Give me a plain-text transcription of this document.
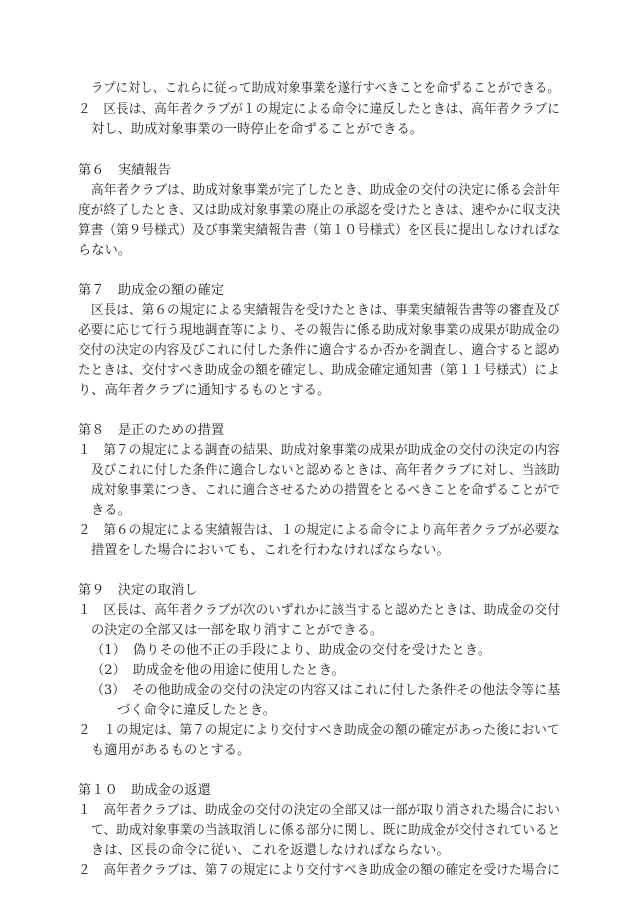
ラプに対し、これらに従って助成対象事業を遂行すべきことを命ずることができる。
２　区長は、高年者クラブが１の規定による命令に違反したときは、高年者クラブに
対し、助成対象事業の一時停止を命ずることができる。
第６　実績報告
高年者クラブは、助成対象事業が完了したとき、助成金の交付の決定に係る会計年
度が終了したとき、又は助成対象事業の廃止の承認を受けたときは、速やかに収支決
算書（第９号様式）及び事業実績報告書（第１０号様式）を区長に提出しなければな
らない。
第７　助成金の額の確定
区長は、第６の規定による実績報告を受けたときは、事業実績報告書等の審査及び
必要に応じて行う現地調査等により、その報告に係る助成対象事業の成果が助成金の
交付の決定の内容及びこれに付した条件に適合するか否かを調査し、適合すると認め
たときは、交付すべき助成金の額を確定し、助成金確定通知書（第１１号様式）によ
り、高年者クラブに通知するものとする。
第８　是正のための措置
１　第７の規定による調査の結果、助成対象事業の成果が助成金の交付の決定の内容
及びこれに付した条件に適合しないと認めるときは、高年者クラブに対し、当該助
成対象事業につき、これに適合させるための措置をとるべきことを命ずることがで
きる。
２　第６の規定による実績報告は、１の規定による命令により高年者クラブが必要な
措置をした場合においても、これを行わなければならない。
第９　決定の取消し
１　区長は、高年者クラブが次のいずれかに該当すると認めたときは、助成金の交付
の決定の全部又は一部を取り消すことができる。
（1）　偽りその他不正の手段により、助成金の交付を受けたとき。
（2）　助成金を他の用途に使用したとき。
（3）　その他助成金の交付の決定の内容又はこれに付した条件その他法令等に基
づく命令に違反したとき。
２　１の規定は、第７の規定により交付すべき助成金の額の確定があった後において
も適用があるものとする。
第１０　助成金の返還
１　高年者クラブは、助成金の交付の決定の全部又は一部が取り消された場合におい
て、助成対象事業の当該取消しに係る部分に関し、既に助成金が交付されていると
きは、区長の命令に従い、これを返還しなければならない。
２　高年者クラブは、第７の規定により交付すべき助成金の額の確定を受けた場合に
